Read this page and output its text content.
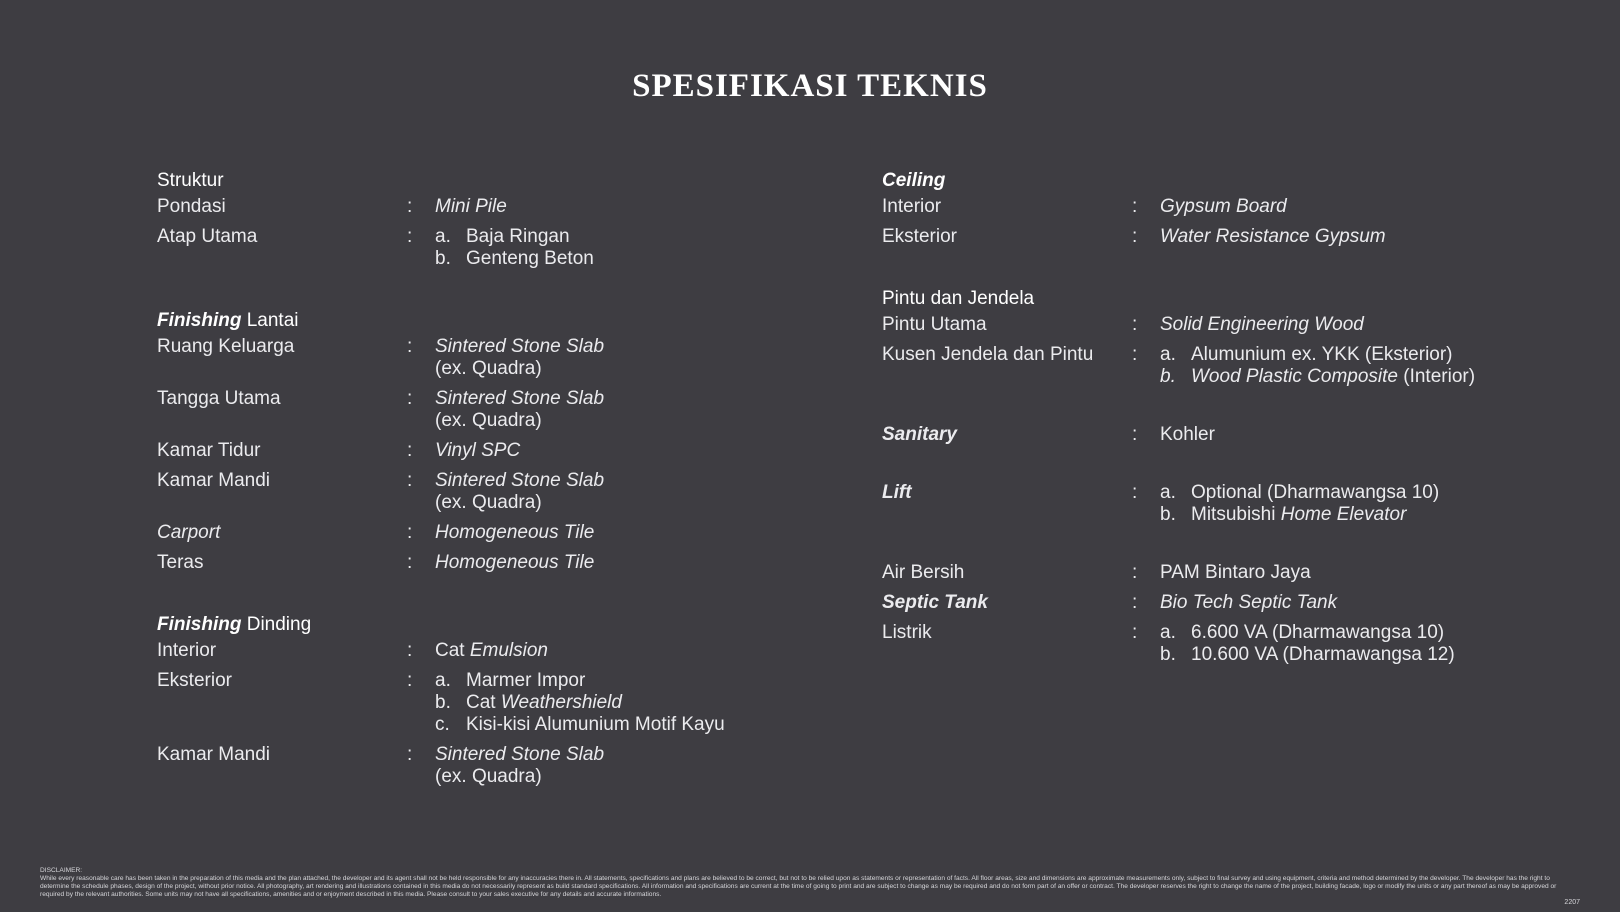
SPESIFIKASI TEKNIS
Struktur
Pondasi	:	Mini Pile
Atap Utama	:	a. Baja Ringan
b. Genteng Beton
Finishing Lantai
Ruang Keluarga	:	Sintered Stone Slab
(ex. Quadra)
Tangga Utama	:	Sintered Stone Slab
(ex. Quadra)
Kamar Tidur	:	Vinyl SPC
Kamar Mandi	:	Sintered Stone Slab
(ex. Quadra)
Carport	:	Homogeneous Tile
Teras	:	Homogeneous Tile
Finishing Dinding
Interior	:	Cat Emulsion
Eksterior	:	a. Marmer Impor
b. Cat Weathershield
c. Kisi-kisi Alumunium Motif Kayu
Kamar Mandi	:	Sintered Stone Slab
(ex. Quadra)
Ceiling
Interior	:	Gypsum Board
Eksterior	:	Water Resistance Gypsum
Pintu dan Jendela
Pintu Utama	:	Solid Engineering Wood
Kusen Jendela dan Pintu	:	a. Alumunium ex. YKK (Eksterior)
b. Wood Plastic Composite (Interior)
Sanitary	:	Kohler
Lift	:	a. Optional (Dharmawangsa 10)
b. Mitsubishi Home Elevator
Air Bersih	:	PAM Bintaro Jaya
Septic Tank	:	Bio Tech Septic Tank
Listrik	:	a. 6.600 VA (Dharmawangsa 10)
b. 10.600 VA (Dharmawangsa 12)
DISCLAIMER:
While every reasonable care has been taken in the preparation of this media and the plan attached, the developer and its agent shall not be held responsible for any inaccuracies there in. All statements, specifications and plans are believed to be correct, but not to be relied upon as statements or representation of facts. All floor areas, size and dimensions are approximate measurements only, subject to final survey and using equipment, criteria and method determined by the developer. The developer has the right to determine the schedule phases, design of the project, without prior notice. All photography, art rendering and illustrations contained in this media do not necessarily represent as build standard specifications. All information and specifications are current at the time of going to print and are subject to change as may be required and do not form part of an offer or contract. The developer reserves the right to change the name of the project, building facade, logo or modify the units or any part thereof as may be approved or required by the relevant authorities. Some units may not have all specifications, amenities and or enjoyment described in this media. Please consult to your sales executive for any details and accurate informations.
2207
